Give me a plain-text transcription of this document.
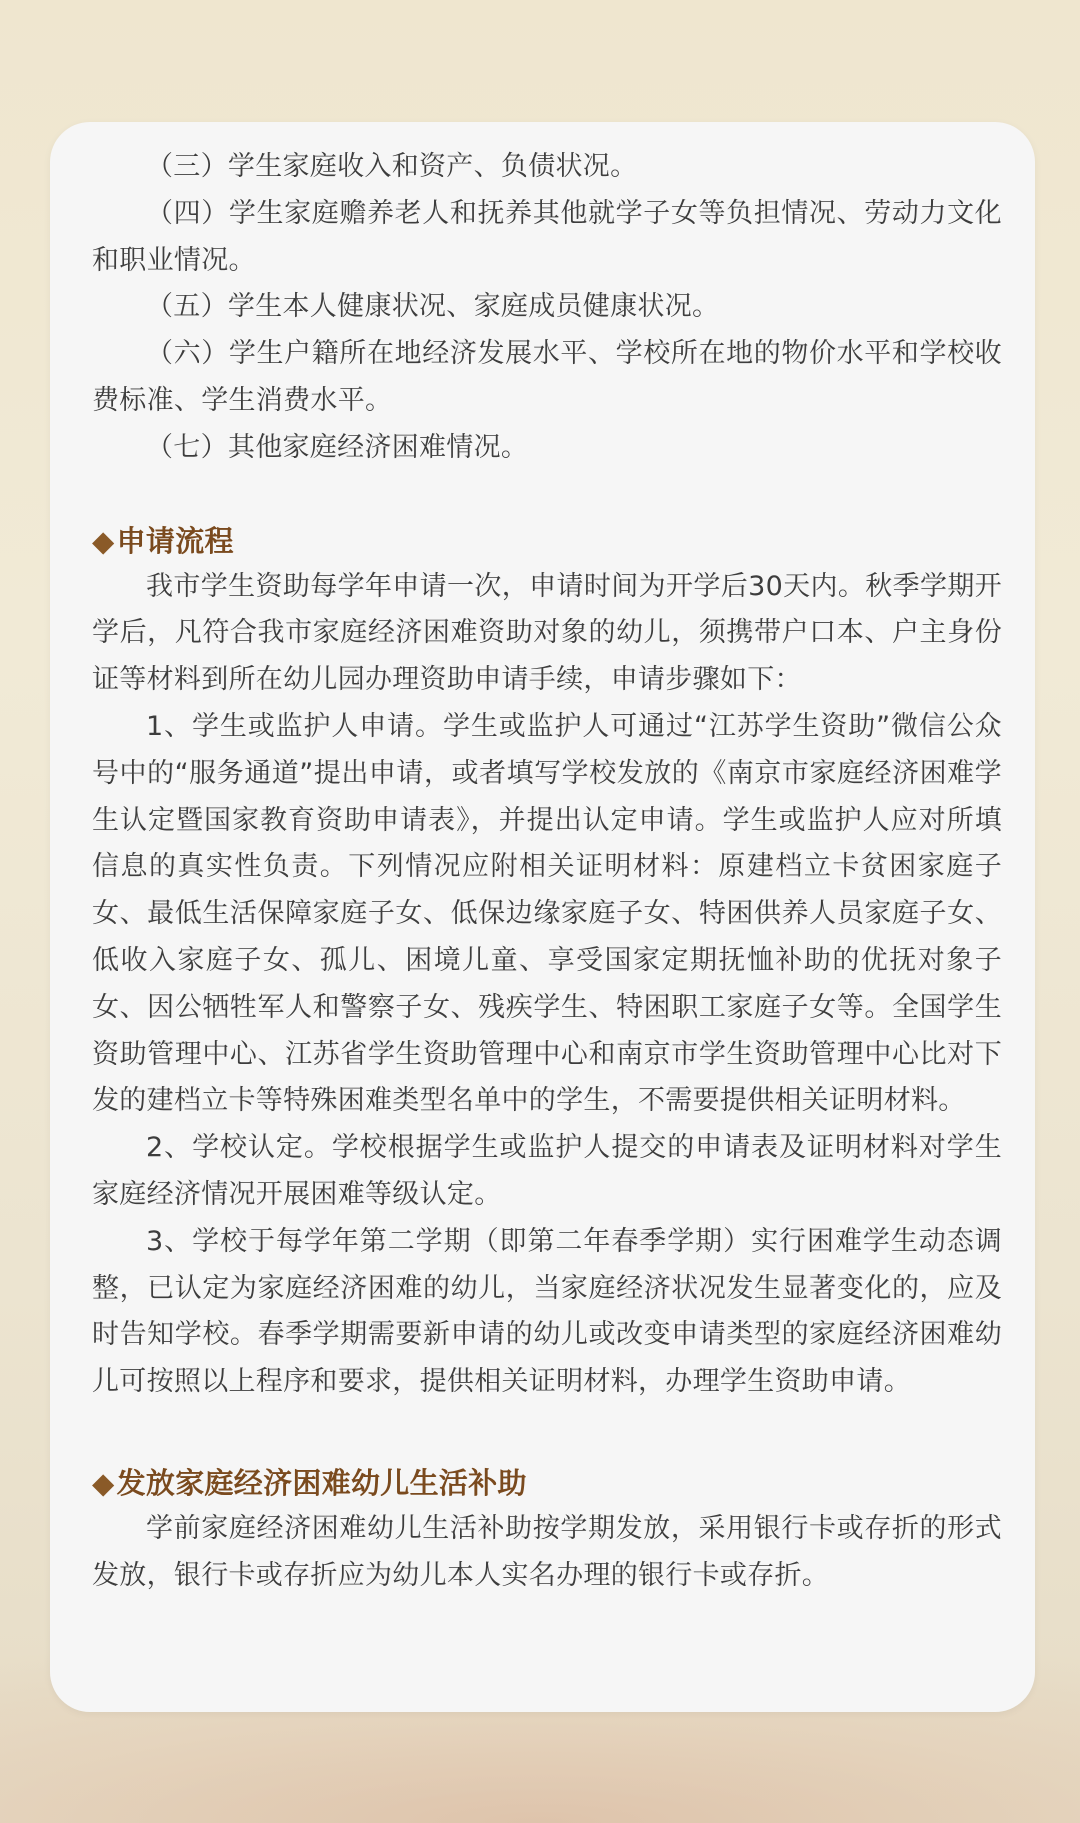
（三）学生家庭收入和资产、负债状况。

（四）学生家庭赡养老人和抚养其他就学子女等负担情况、劳动力文化和职业情况。

（五）学生本人健康状况、家庭成员健康状况。

（六）学生户籍所在地经济发展水平、学校所在地的物价水平和学校收费标准、学生消费水平。

（七）其他家庭经济困难情况。

◆申请流程

我市学生资助每学年申请一次，申请时间为开学后30天内。秋季学期开学后，凡符合我市家庭经济困难资助对象的幼儿，须携带户口本、户主身份证等材料到所在幼儿园办理资助申请手续，申请步骤如下：

1、学生或监护人申请。学生或监护人可通过“江苏学生资助”微信公众号中的“服务通道”提出申请，或者填写学校发放的《南京市家庭经济困难学生认定暨国家教育资助申请表》，并提出认定申请。学生或监护人应对所填信息的真实性负责。下列情况应附相关证明材料：原建档立卡贫困家庭子女、最低生活保障家庭子女、低保边缘家庭子女、特困供养人员家庭子女、低收入家庭子女、孤儿、困境儿童、享受国家定期抚恤补助的优抚对象子女、因公牺牲军人和警察子女、残疾学生、特困职工家庭子女等。全国学生资助管理中心、江苏省学生资助管理中心和南京市学生资助管理中心比对下发的建档立卡等特殊困难类型名单中的学生，不需要提供相关证明材料。

2、学校认定。学校根据学生或监护人提交的申请表及证明材料对学生家庭经济情况开展困难等级认定。

3、学校于每学年第二学期（即第二年春季学期）实行困难学生动态调整，已认定为家庭经济困难的幼儿，当家庭经济状况发生显著变化的，应及时告知学校。春季学期需要新申请的幼儿或改变申请类型的家庭经济困难幼儿可按照以上程序和要求，提供相关证明材料，办理学生资助申请。

◆发放家庭经济困难幼儿生活补助

学前家庭经济困难幼儿生活补助按学期发放，采用银行卡或存折的形式发放，银行卡或存折应为幼儿本人实名办理的银行卡或存折。
